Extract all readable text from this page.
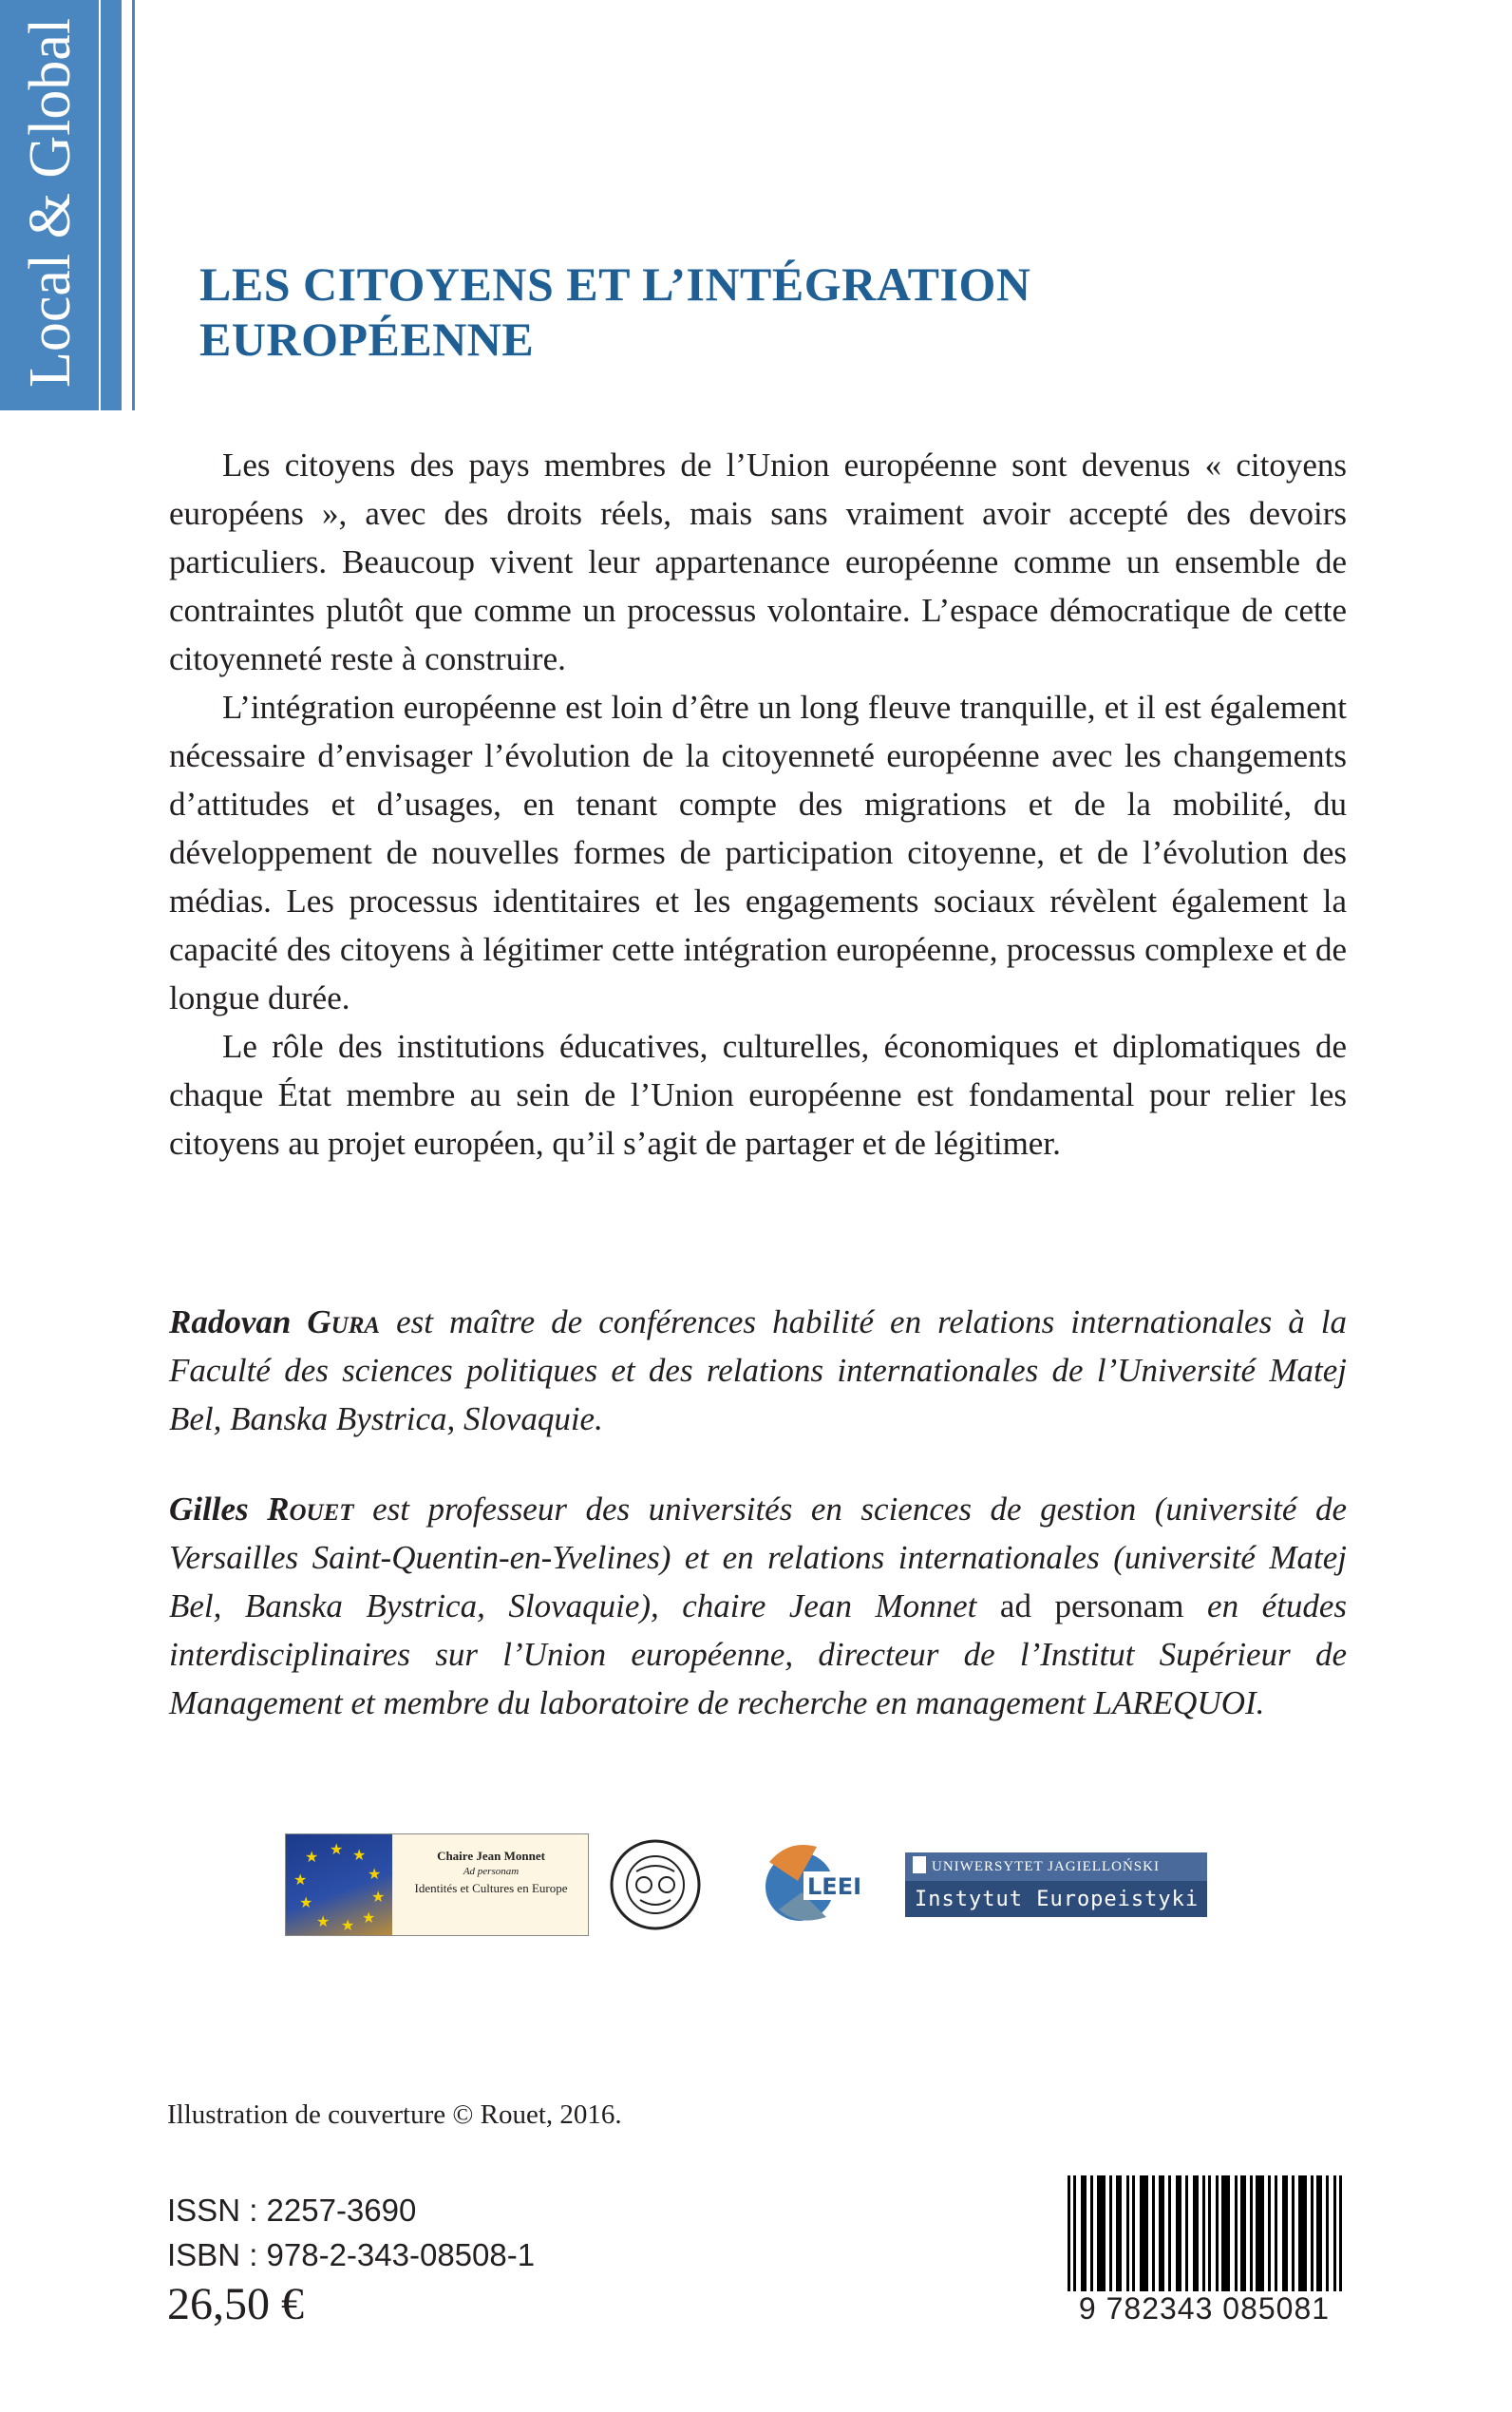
Local & Global LES CITOYENS ET L’INTÉGRATION EUROPÉENNE

Les citoyens des pays membres de l’Union européenne sont devenus « citoyens européens », avec des droits réels, mais sans vraiment avoir accepté des devoirs particuliers. Beaucoup vivent leur appartenance européenne comme un ensemble de contraintes plutôt que comme un processus volontaire. L’espace démocratique de cette citoyenneté reste à construire.

L’intégration européenne est loin d’être un long fleuve tranquille, et il est également nécessaire d’envisager l’évolution de la citoyenneté européenne avec les changements d’attitudes et d’usages, en tenant compte des migrations et de la mobilité, du développement de nouvelles formes de participation citoyenne, et de l’évolution des médias. Les processus identitaires et les engagements sociaux révèlent également la capacité des citoyens à légitimer cette intégration européenne, processus complexe et de longue durée.

Le rôle des institutions éducatives, culturelles, économiques et diplomatiques de chaque État membre au sein de l’Union européenne est fondamental pour relier les citoyens au projet européen, qu’il s’agit de partager et de légitimer.

Radovan Gura est maître de conférences habilité en relations internationales à la Faculté des sciences politiques et des relations internationales de l’Université Matej Bel, Banska Bystrica, Slovaquie.

Gilles Rouet est professeur des universités en sciences de gestion (université de Versailles Saint-Quentin-en-Yvelines) et en relations internationales (université Matej Bel, Banska Bystrica, Slovaquie), chaire Jean Monnet ad personam en études interdisciplinaires sur l’Union européenne, directeur de l’Institut Supérieur de Management et membre du laboratoire de recherche en management LAREQUOI.

★ ★
★
★
★
★
★
★
★
★	Chaire Jean Monnet
Ad personam
Identités et Cultures en Europe	LEEI
UNIWERSYTET JAGIELLOŃSKI
Instytut Europeistyki

Illustration de couverture © Rouet, 2016.

ISSN : 2257-3690

ISBN : 978-2-343-08508-1

26,50 €	9 782343 085081
